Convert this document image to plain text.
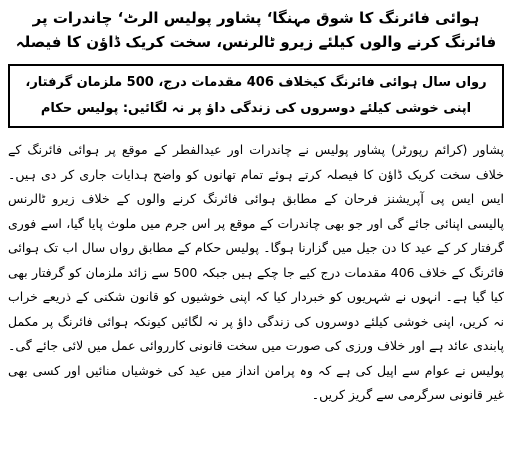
ہوائی فائرنگ کا شوق مہنگا‘ پشاور پولیس الرٹ‘ چاندرات پر فائرنگ کرنے والوں کیلئے زیرو ٹالرنس، سخت کریک ڈاؤن کا فیصلہ

رواں سال ہوائی فائرنگ کیخلاف 406 مقدمات درج، 500 ملزمان گرفتار، اپنی خوشی کیلئے دوسروں کی زندگی داؤ پر نہ لگائیں: پولیس حکام

پشاور (کرائم رپورٹر) پشاور پولیس نے چاندرات اور عیدالفطر کے موقع پر ہوائی فائرنگ کے خلاف سخت کریک ڈاؤن کا فیصلہ کرتے ہوئے تمام تھانوں کو واضح ہدایات جاری کر دی ہیں۔ ایس ایس پی آپریشنز فرحان کے مطابق ہوائی فائرنگ کرنے والوں کے خلاف زیرو ٹالرنس پالیسی اپنائی جائے گی اور جو بھی چاندرات کے موقع پر اس جرم میں ملوث پایا گیا، اسے فوری گرفتار کر کے عید کا دن جیل میں گزارنا ہوگا۔ پولیس حکام کے مطابق رواں سال اب تک ہوائی فائرنگ کے خلاف 406 مقدمات درج کیے جا چکے ہیں جبکہ 500 سے زائد ملزمان کو گرفتار بھی کیا گیا ہے۔ انہوں نے شہریوں کو خبردار کیا کہ اپنی خوشیوں کو قانون شکنی کے ذریعے خراب نہ کریں، اپنی خوشی کیلئے دوسروں کی زندگی داؤ پر نہ لگائیں کیونکہ ہوائی فائرنگ پر مکمل پابندی عائد ہے اور خلاف ورزی کی صورت میں سخت قانونی کارروائی عمل میں لائی جائے گی۔ پولیس نے عوام سے اپیل کی ہے کہ وہ پرامن انداز میں عید کی خوشیاں منائیں اور کسی بھی غیر قانونی سرگرمی سے گریز کریں۔
